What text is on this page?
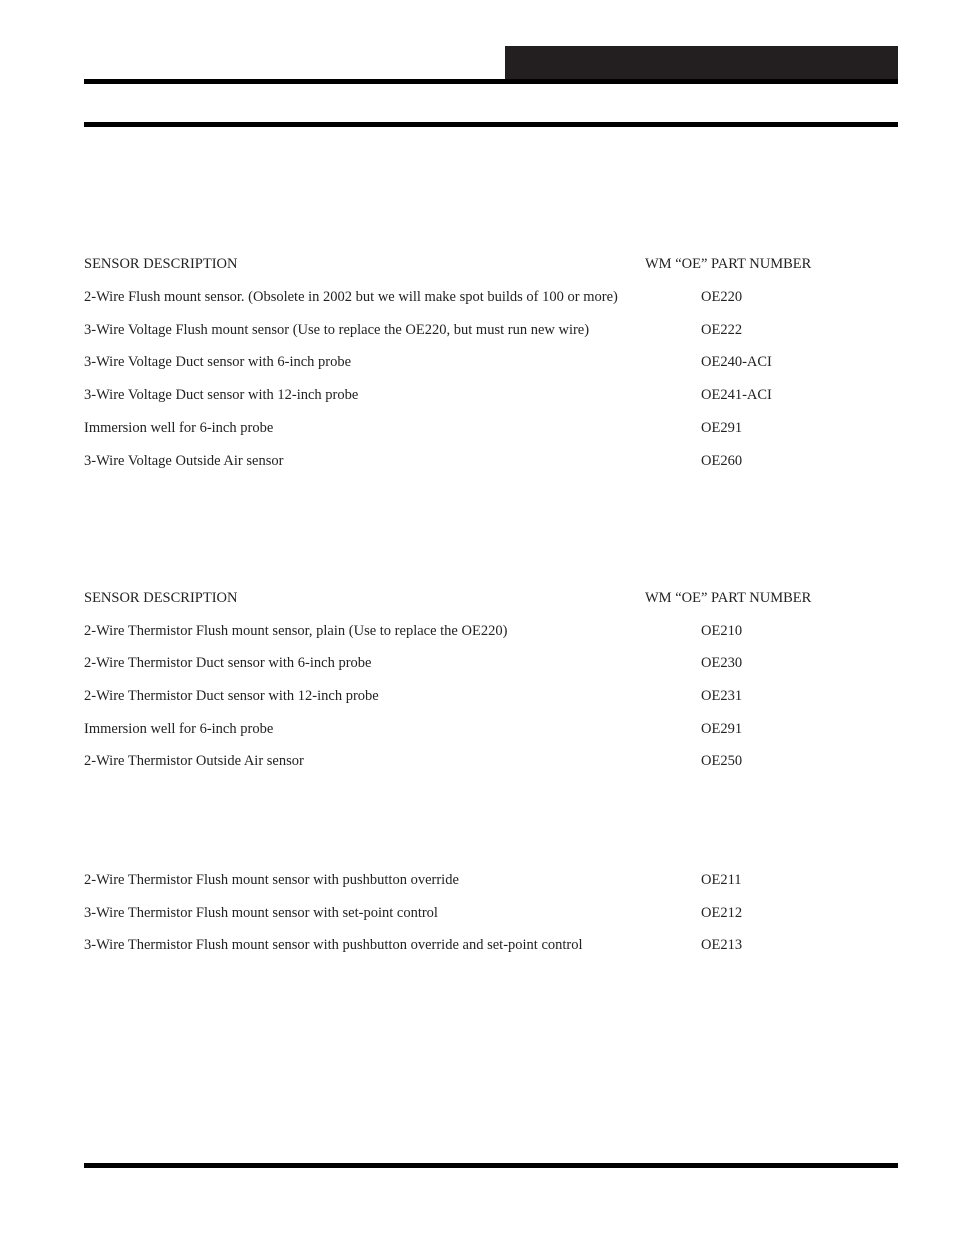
SENSOR DESCRIPTION	WM “OE” PART NUMBER
2-Wire Flush mount sensor. (Obsolete in 2002 but we will make spot builds of 100 or more)	OE220
3-Wire Voltage Flush mount sensor (Use to replace the OE220, but must run new wire)	OE222
3-Wire Voltage Duct sensor with 6-inch probe	OE240-ACI
3-Wire Voltage Duct sensor with 12-inch probe	OE241-ACI
Immersion well for 6-inch probe	OE291
3-Wire Voltage Outside Air sensor	OE260
SENSOR DESCRIPTION	WM “OE” PART NUMBER
2-Wire Thermistor Flush mount sensor, plain (Use to replace the OE220)	OE210
2-Wire Thermistor Duct sensor with 6-inch probe	OE230
2-Wire Thermistor Duct sensor with 12-inch probe	OE231
Immersion well for 6-inch probe	OE291
2-Wire Thermistor Outside Air sensor	OE250
2-Wire Thermistor Flush mount sensor with pushbutton override	OE211
3-Wire Thermistor Flush mount sensor with set-point control	OE212
3-Wire Thermistor Flush mount sensor with pushbutton override and set-point control	OE213
